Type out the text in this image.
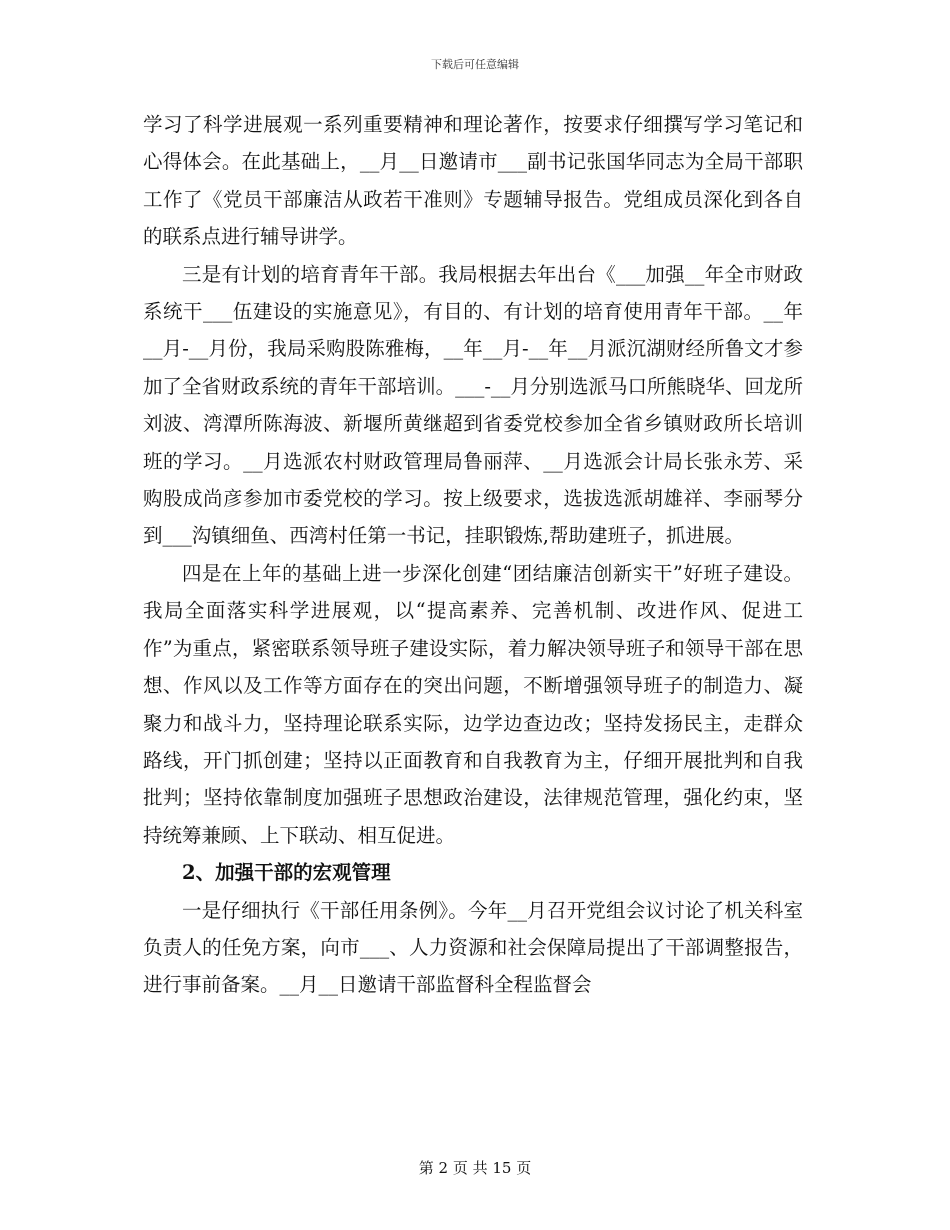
下载后可任意编辑

学习了科学进展观一系列重要精神和理论著作，按要求仔细撰写学习笔记和心得体会。在此基础上，__月__日邀请市___副书记张国华同志为全局干部职工作了《党员干部廉洁从政若干准则》专题辅导报告。党组成员深化到各自的联系点进行辅导讲学。

三是有计划的培育青年干部。我局根据去年出台《___加强__年全市财政系统干___伍建设的实施意见》，有目的、有计划的培育使用青年干部。__年__月-__月份，我局采购股陈雅梅，__年__月-__年__月派沉湖财经所鲁文才参加了全省财政系统的青年干部培训。___-__月分别选派马口所熊晓华、回龙所刘波、湾潭所陈海波、新堰所黄继超到省委党校参加全省乡镇财政所长培训班的学习。__月选派农村财政管理局鲁丽萍、__月选派会计局长张永芳、采购股成尚彦参加市委党校的学习。按上级要求，选拔选派胡雄祥、李丽琴分到___沟镇细鱼、西湾村任第一书记，挂职锻炼,帮助建班子，抓进展。

四是在上年的基础上进一步深化创建“团结廉洁创新实干”好班子建设。我局全面落实科学进展观，以“提高素养、完善机制、改进作风、促进工作”为重点，紧密联系领导班子建设实际，着力解决领导班子和领导干部在思想、作风以及工作等方面存在的突出问题，不断增强领导班子的制造力、凝聚力和战斗力，坚持理论联系实际，边学边查边改；坚持发扬民主，走群众路线，开门抓创建；坚持以正面教育和自我教育为主，仔细开展批判和自我批判；坚持依靠制度加强班子思想政治建设，法律规范管理，强化约束，坚持统筹兼顾、上下联动、相互促进。

2、加强干部的宏观管理

一是仔细执行《干部任用条例》。今年__月召开党组会议讨论了机关科室负责人的任免方案，向市___、人力资源和社会保障局提出了干部调整报告，进行事前备案。__月__日邀请干部监督科全程监督会

第 2 页 共 15 页
